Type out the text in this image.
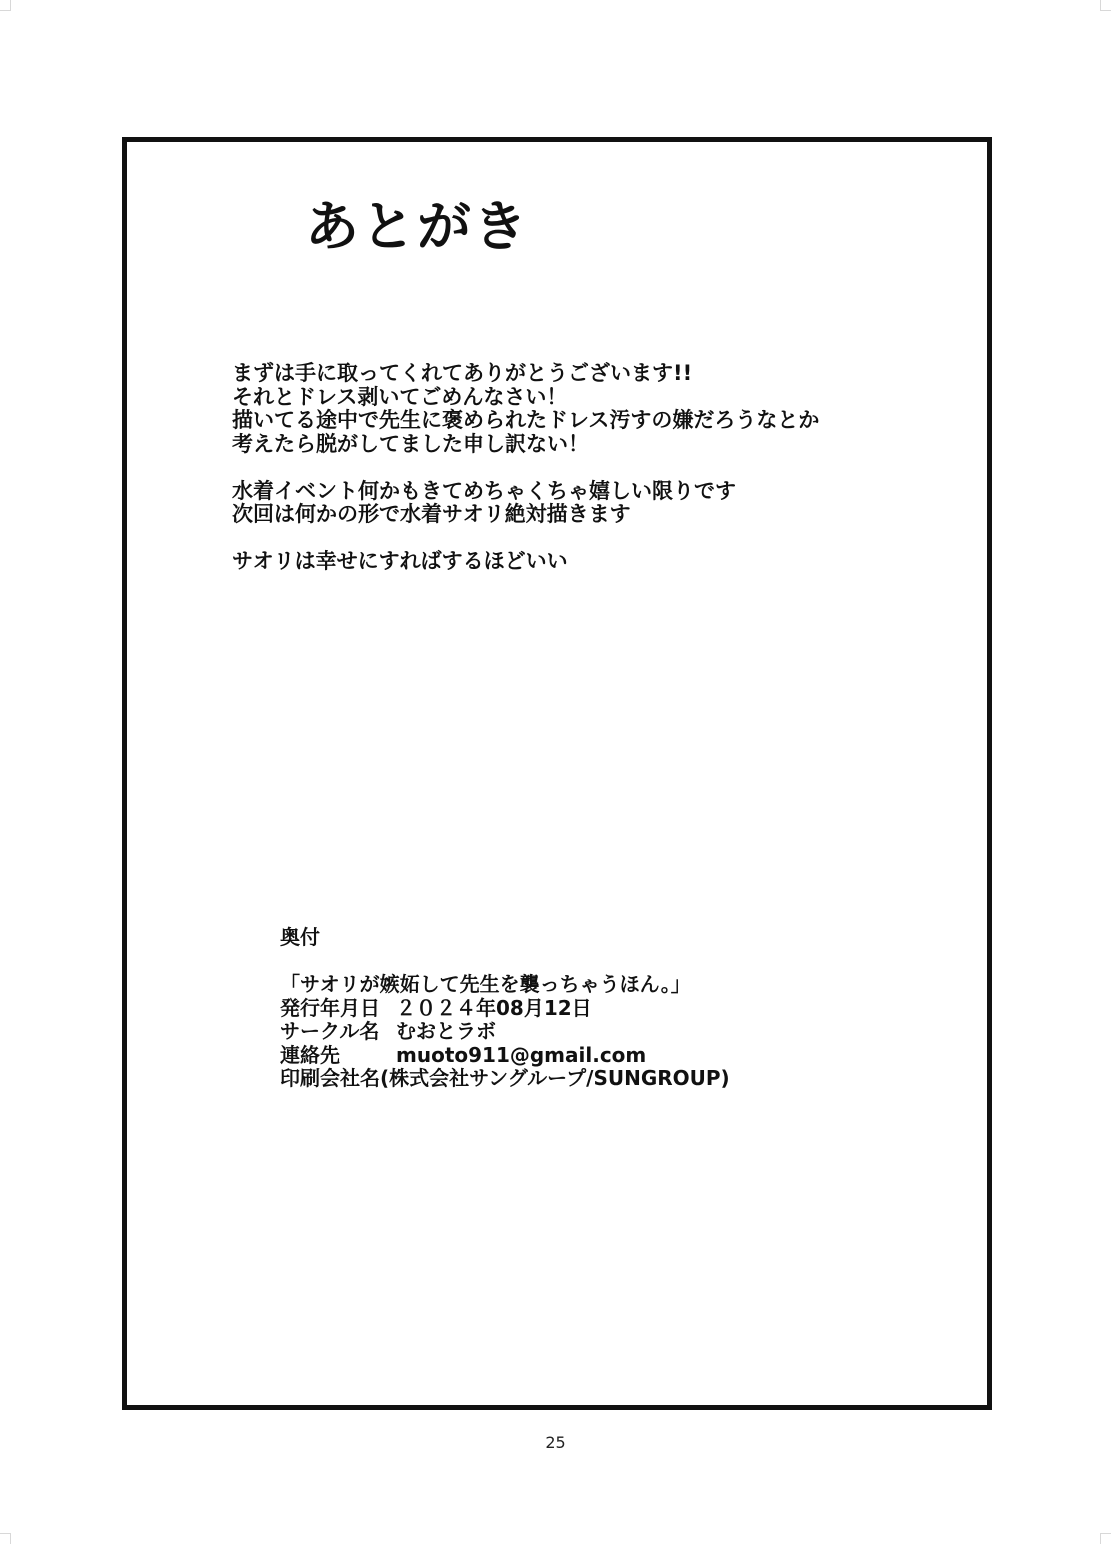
あとがき

まずは手に取ってくれてありがとうございます!!
それとドレス剥いてごめんなさい！
描いてる途中で先生に褒められたドレス汚すの嫌だろうなとか
考えたら脱がしてました申し訳ない！

水着イベント何かもきてめちゃくちゃ嬉しい限りです
次回は何かの形で水着サオリ絶対描きます

サオリは幸せにすればするほどいい

奥付
「サオリが嫉妬して先生を襲っちゃうほん。」
発行年月日 ２０２４年08月12日
サークル名 むおとラボ
連絡先	muoto911@gmail.com
印刷会社名(株式会社サングループ/SUNGROUP)
25
